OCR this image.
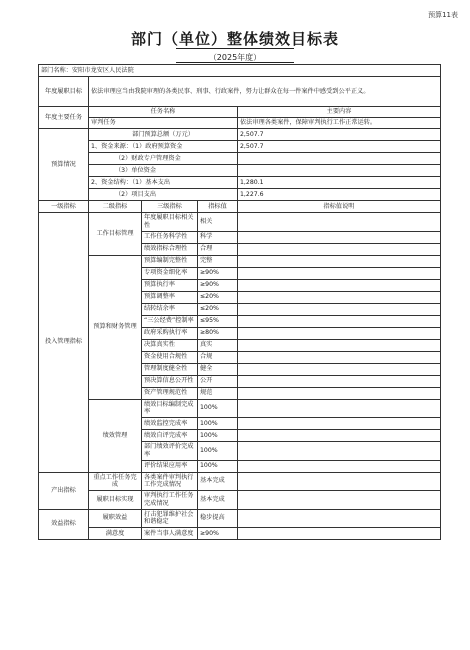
预算11表
部门（单位）整体绩效目标表
（2025年度）
部门名称：安阳市龙安区人民法院				
年度履职目标	依法审理应当由我院审理的各类民事、刑事、行政案件，努力让群众在每一件案件中感受到公平正义。			
年度主要任务	任务名称			主要内容
	审判任务			依法审理各类案件，保障审判执行工作正常运转。
预算情况	部门预算总额（万元）			2,507.7
	1、资金来源：（1）政府预算资金			2,507.7
	（2）财政专户管理资金			
	（3）单位资金			
	2、资金结构：（1）基本支出			1,280.1
	（2）项目支出			1,227.6
一级指标	二级指标	三级指标	指标值	指标值说明
投入管理指标	工作目标管理	年度履职目标相关性	相关	
		工作任务科学性	科学	
		绩效指标合理性	合理	
	预算和财务管理	预算编制完整性	完整	
		专项资金细化率	≥90%	
		预算执行率	≥90%	
		预算调整率	≤20%	
		结转结余率	≤20%	
		“三公经费”控制率	≤95%	
		政府采购执行率	≥80%	
		决算真实性	真实	
		资金使用合规性	合规	
		管理制度健全性	健全	
		预决算信息公开性	公开	
		资产管理规范性	规范	
	绩效管理	绩效目标编制完成率	100%	
		绩效监控完成率	100%	
		绩效自评完成率	100%	
		部门绩效评价完成率	100%	
		评价结果应用率	100%	
产出指标	重点工作任务完成	各类案件审判执行工作完成情况	基本完成	
	履职目标实现	审判执行工作任务完成情况	基本完成	
效益指标	履职效益	打击犯罪维护社会和谐稳定	稳步提高	
	满意度	案件当事人满意度	≥90%	
